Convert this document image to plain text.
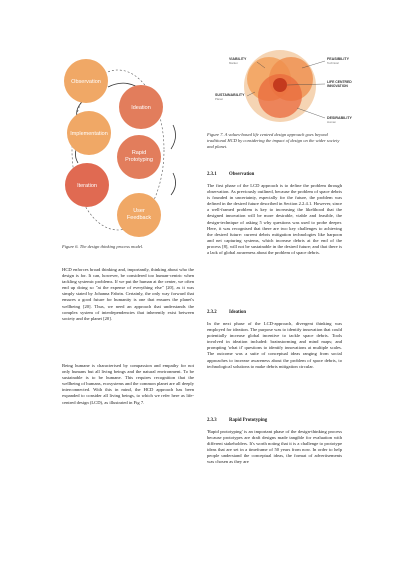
Observation
Ideation
Implementation
Rapid
Prototyping
Iteration
User
Feedback
Figure 6. The design thinking process model.
VIABILITY
Market
SUSTAINABILITY
Planet
FEASIBILITY
Technical
LIFE CENTRED
INNOVATION
DESIRABILITY
Human
Figure 7. A values-based life centred design approach goes beyond traditional HCD by considering the impact of design on the wider society and planet.

HCD enforces broad thinking and, importantly, thinking about who the design is for. It can, however, be considered too human-centric when tackling systemic problems. If we put the human at the center, we often end up doing so "at the expense of everything else" [20], as it was simply stated by Johanna Fabrin. Certainly, the only way forward that ensures a good future for humanity is one that ensures the planet's wellbeing [20]. Thus, we need an approach that understands the complex system of interdependencies that inherently exist between society and the planet [20].

Being humane is characterised by compassion and empathy for not only humans but all living beings and the natural environment. To be sustainable is to be humane. This requires recognition that the wellbeing of humans, ecosystems and the common planet are all deeply interconnected. With this in mind, the HCD approach has been expanded to consider all living beings, to which we refer here as life-centred design (LCD), as illustrated in Fig 7.

2.3.1	Observation

The first phase of the LCD approach is to define the problem through observation. As previously outlined, because the problem of space debris is founded in uncertainty, especially for the future, the problem was defined in the desired future described in Section 2.2.4.1. However, since a well-framed problem is key to increasing the likelihood that the designed innovation will be more desirable, viable and feasible, the design-technique of asking 5 why questions was used to probe deeper. Here, it was recognised that there are two key challenges to achieving the desired future: current debris mitigation technologies like harpoon and net capturing systems, which increase debris at the end of the process [8], will not be sustainable in the desired future; and that there is a lack of global awareness about the problem of space debris.

2.3.2	Ideation

In the next phase of the LCD-approach, divergent thinking was employed for ideation. The purpose was to identify innovation that could potentially increase global incentive to tackle space debris. Tools involved in ideation included: brainstorming and mind maps; and prompting 'what if' questions to identify innovations at multiple scales. The outcome was a suite of conceptual ideas ranging from social approaches to increase awareness about the problem of space debris, to technological solutions to make debris mitigation circular.

2.3.3	Rapid Prototyping

'Rapid prototyping' is an important phase of the design-thinking process because prototypes are draft designs made tangible for evaluation with different stakeholders. It's worth noting that it is a challenge to prototype ideas that are set in a timeframe of 50 years from now. In order to help people understand the conceptual ideas, the format of advertisements was chosen as they are
